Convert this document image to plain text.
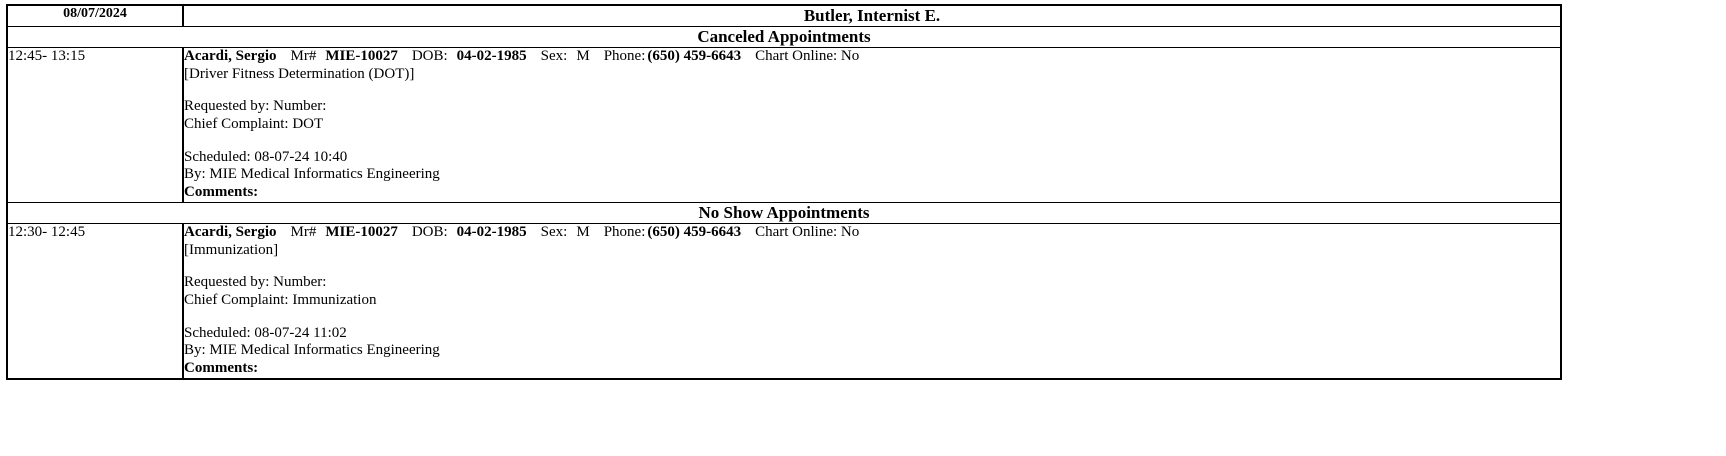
08/07/2024	Butler, Internist E.
Canceled Appointments	
12:45- 13:15	Acardi, Sergio Mr# MIE-10027 DOB: 04-02-1985 Sex: M Phone: (650) 459-6643 Chart Online: No
[Driver Fitness Determination (DOT)]
Requested by: Number:
Chief Complaint: DOT
Scheduled: 08-07-24 10:40
By: MIE Medical Informatics Engineering
Comments:

No Show Appointments	
12:30- 12:45	Acardi, Sergio Mr# MIE-10027 DOB: 04-02-1985 Sex: M Phone: (650) 459-6643 Chart Online: No
[Immunization]
Requested by: Number:
Chief Complaint: Immunization
Scheduled: 08-07-24 11:02
By: MIE Medical Informatics Engineering
Comments:
